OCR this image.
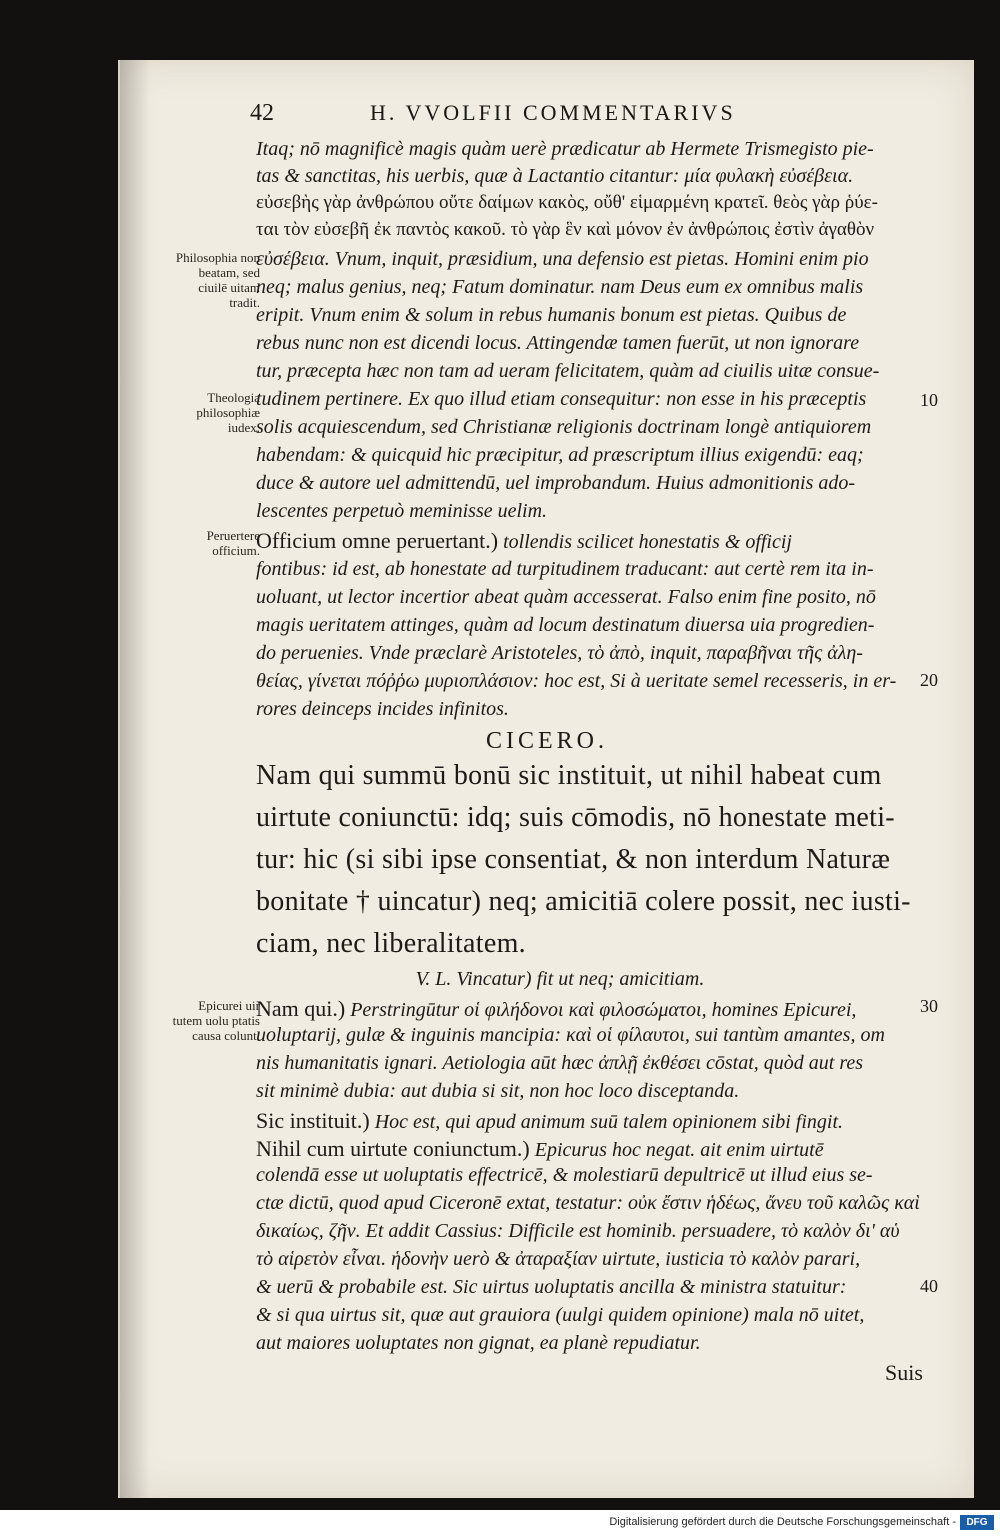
42	H. VVOLFII COMMENTARIVS
Itaq; nō magnificè magis quàm uerè prædicatur ab Hermete Trismegisto pie-
tas & sanctitas, his uerbis, quæ à Lactantio citantur: μία φυλακὴ εὐσέβεια.
εὐσεβὴς γὰρ ἀνθρώπου οὔτε δαίμων κακὸς, οὔθ' εἱμαρμένη κρατεῖ. θεὸς γὰρ ῥύε-
ται τὸν εὐσεβῆ ἐκ παντὸς κακοῦ. τὸ γὰρ ἓν καὶ μόνον ἐν ἀνθρώποις ἐστὶν ἀγαθὸν
εὐσέβεια. Vnum, inquit, præsidium, una defensio est pietas. Homini enim pio
neq; malus genius, neq; Fatum dominatur. nam Deus eum ex omnibus malis
eripit. Vnum enim & solum in rebus humanis bonum est pietas. Quibus de
rebus nunc non est dicendi locus. Attingendæ tamen fuerūt, ut non ignorare
tur, præcepta hæc non tam ad ueram felicitatem, quàm ad ciuilis uitæ consue-
tudinem pertinere. Ex quo illud etiam consequitur: non esse in his præceptis
solis acquiescendum, sed Christianæ religionis doctrinam longè antiquiorem
habendam: & quicquid hic præcipitur, ad præscriptum illius exigendū: eaq;
duce & autore uel admittendū, uel improbandum. Huius admonitionis ado-
lescentes perpetuò meminisse uelim.
Officium omne peruertant.) tollendis scilicet honestatis & officij
fontibus: id est, ab honestate ad turpitudinem traducant: aut certè rem ita in-
uoluant, ut lector incertior abeat quàm accesserat. Falso enim fine posito, nō
magis ueritatem attinges, quàm ad locum destinatum diuersa uia progredien-
do peruenies. Vnde præclarè Aristoteles, τὸ ἀπὸ, inquit, παραβῆναι τῆς ἀλη-
θείας, γίνεται πόῤῥω μυριοπλάσιον: hoc est, Si à ueritate semel recesseris, in er-
rores deinceps incides infinitos.
CICERO.
Nam qui summū bonū sic instituit, ut nihil habeat cum
uirtute coniunctū: idq; suis cōmodis, nō honestate meti-
tur: hic (si sibi ipse consentiat, & non interdum Naturæ
bonitate † uincatur) neq; amicitiā colere possit, nec iusti-
ciam, nec liberalitatem.
V. L. Vincatur) fit ut neq; amicitiam.
Nam qui.) Perstringūtur οἱ φιλήδονοι καὶ φιλοσώματοι, homines Epicurei,
uoluptarij, gulæ & inguinis mancipia: καὶ οἱ φίλαυτοι, sui tantùm amantes, om
nis humanitatis ignari. Aetiologia aūt hæc ἀπλῇ ἐκθέσει cōstat, quòd aut res
sit minimè dubia: aut dubia si sit, non hoc loco disceptanda.
Sic instituit.) Hoc est, qui apud animum suū talem opinionem sibi fingit.
Nihil cum uirtute coniunctum.) Epicurus hoc negat. ait enim uirtutē
colendā esse ut uoluptatis effectricē, & molestiarū depultricē ut illud eius se-
ctæ dictū, quod apud Ciceronē extat, testatur: οὐκ ἔστιν ἡδέως, ἄνευ τοῦ καλῶς καὶ
δικαίως, ζῆν. Et addit Cassius: Difficile est hominib. persuadere, τὸ καλὸν δι' αὑ
τὸ αἱρετὸν εἶναι. ἡδονὴν uerò & ἀταραξίαν uirtute, iusticia τὸ καλὸν parari,
& uerū & probabile est. Sic uirtus uoluptatis ancilla & ministra statuitur:
& si qua uirtus sit, quæ aut grauiora (uulgi quidem opinione) mala nō uitet,
aut maiores uoluptates non gignat, ea planè repudiatur.
Suis
Philosophia non beatam, sed ciuilē uitam tradit.
Theologia philosophiæ iudex.
Peruertere officium.
Epicurei uir tutem uolu ptatis causa colunt.
10
20
30
40
Digitalisierung gefördert durch die Deutsche Forschungsgemeinschaft -	DFG
